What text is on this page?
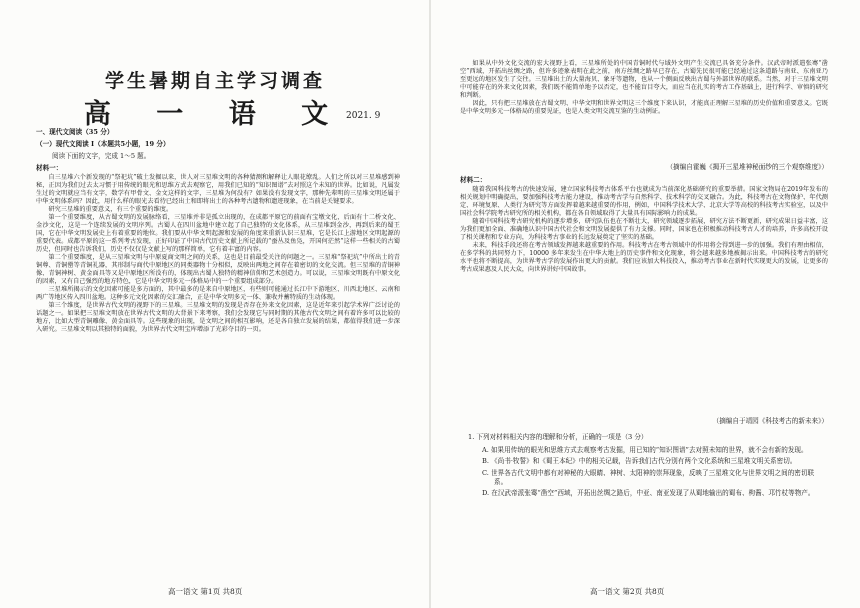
学生暑期自主学习调查
高 一 语 文 2021. 9
一、现代文阅读（35 分）
（一）现代文阅读 I（本题共5小题，19 分）
阅读下面的文字，完成 1～5 题。
材料一：

自三星堆六个新发现的“祭祀坑”破土发掘以来，世人对三星堆文明的各种猜测和解释让人眼花缭乱。人们之所以对三星堆感到神秘，正因为我们过去太习惯于用传统的眼光和思维方式去观察它，用我们已知的“知识图谱”去对照这个未知的世界。比如说，凡属发生过的文明就应当有文字，数学有甲骨文、金文这样的文字，三星堆为何没有？如果没有发现文字，那种先辈明的三星堆文明还属于中华文明体系吗？因此，用什么样的眼光去看待已经出土和即将出土的各种考古遗物和遗迹现象，在当前是关键要求。

研究三星堆的重要意义，有三个重要的维度。

第一个重要维度，从古蜀文明的发展脉络看，三星堆并非是孤立出现的，在成都平原它的前面有宝墩文化，后面有十二桥文化、金沙文化，这是一个连续发展的文明序列。古蜀人在四川盆地中建立起了自己独特的文化体系，从三星堆到金沙，再到后来的蜀王国，它在中华文明发展史上有着重要的地位。我们要从中华文明起源和发展的角度来重新认识三星堆，它是长江上游地区文明起源的重要代表。成都平原的这一系列考古发现，正好印证了中国古代历史文献上所记载的“蚕丛及鱼凫，开国何茫然”这样一些相关的古蜀历史，但同时也告诉我们，历史不仅仅是文献上写的那样简单，它有着丰富的内容。

第二个重要维度，是从三星堆文明与中原夏商文明之间的关系，这也是目前最受关注的问题之一。三星堆“祭祀坑”中所出土的青铜尊、青铜罍等青铜礼器，其形制与商代中原地区的同类器物十分相似，反映出两地之间存在着密切的文化交流。但三星堆的青铜神像、青铜神树、黄金面具等又是中原地区所没有的，体现出古蜀人独特的精神信仰和艺术创造力。可以说，三星堆文明既有中原文化的因素，又有自己强烈的地方特色，它是中华文明多元一体格局中的一个重要组成部分。

三星堆所揭示的文化因素可能是多方面的，其中最多的是来自中原地区，有些则可能通过长江中下游地区、川西北地区、云南和两广等地区传入四川盆地。这种多元文化因素的交汇融合，正是中华文明多元一体、兼收并蓄特质的生动体现。

第三个维度，是世界古代文明的视野下的三星堆。三星堆文明的发现是否存在外来文化因素，这是近年来引起学术界广泛讨论的话题之一。如果把三星堆文明放在世界古代文明的大背景下来考察，我们会发现它与同时期的其他古代文明之间有着许多可以比较的地方，比如大型青铜雕像、黄金面具等。这些现象的出现，是文明之间的相互影响，还是各自独立发展的结果，都值得我们进一步深入研究。三星堆文明以其独特的面貌，为世界古代文明宝库增添了光彩夺目的一页。

高一语文 第1页 共8页

如果从中外文化交流的宏大视野上看，三星堆所处的中国青铜时代与域外文明产生交流已具备充分条件。汉武帝时派遣张骞“凿空”西域，开拓出丝绸之路，但许多迹象表明在此之前，南方丝绸之路早已存在，古蜀先民很可能已经通过这条道路与南亚、东南亚乃至更远的地区发生了交往。三星堆出土的大量海贝、象牙等遗物，也从一个侧面反映出古蜀与外部世界的联系。当然，对于三星堆文明中可能存在的外来文化因素，我们既不能简单地予以否定，也不能盲目夸大，而应当在扎实的考古工作基础上，进行科学、审慎的研究和判断。

因此，只有把三星堆放在古蜀文明、中华文明和世界文明这三个维度下来认识，才能真正理解三星堆的历史价值和重要意义。它既是中华文明多元一体格局的重要见证，也是人类文明交流互鉴的生动例证。

（摘编自霍巍《揭开三星堆神秘面纱的三个观察维度》）
材料二：

随着我国科技考古的快速发展，建立国家科技考古体系平台也就成为当前深化基础研究的重要举措。国家文物局在2019年发布的相关规划中明确提出，要加强科技考古能力建设，推动考古学与自然科学、技术科学的交叉融合。为此，科技考古在文物保护、年代测定、环境复原、人类行为研究等方面发挥着越来越重要的作用，例如，中国科学技术大学、北京大学等高校的科技考古实验室，以及中国社会科学院考古研究所的相关机构，都在各自领域取得了大量具有国际影响力的成果。

随着中国科技考古研究机构的逐步增多，研究队伍也在不断壮大，研究领域逐步拓展，研究方法不断更新，研究成果日益丰富，这为我们更加全面、准确地认识中国古代社会和文明发展提供了有力支撑。同时，国家也在积极推动科技考古人才的培养，许多高校开设了相关课程和专业方向，为科技考古事业的长远发展奠定了坚实的基础。

未来，科技手段还将在考古领域发挥越来越重要的作用。科技考古在考古领域中的作用将会得到进一步的加强。我们有理由相信，在多学科的共同努力下，10000 多年来发生在中华大地上的历史事件和文化现象，将会越来越多地被揭示出来。中国科技考古的研究水平也将不断提高，为世界考古学的发展作出更大的贡献。我们应该加大科技投入，推动考古事业在新时代实现更大的发展，让更多的考古成果惠及人民大众，向世界讲好中国故事。

（摘编自于靖园《科技考古的新未来》）
1. 下列对材料相关内容的理解和分析，正确的一项是（3 分）

A. 如果用传统的眼光和思维方式去观察考古发掘，用已知的“知识图谱”去对照未知的世界，就不会有新的发现。

B. 《尚书·牧誓》和《蜀王本纪》中的相关记载，告诉我们古代分别有两个文化系统和三星堆文明关系密切。

C. 世界各古代文明中都有对神秘的大眼睛、神树、太阳神的崇拜现象，反映了三星堆文化与世界文明之间的密切联系。

D. 在汉武帝派张骞“凿空”西域，开拓出丝绸之路后，中亚、南亚发现了从蜀地输出的蜀布、枸酱、邛竹杖等物产。

高一语文 第2页 共8页
